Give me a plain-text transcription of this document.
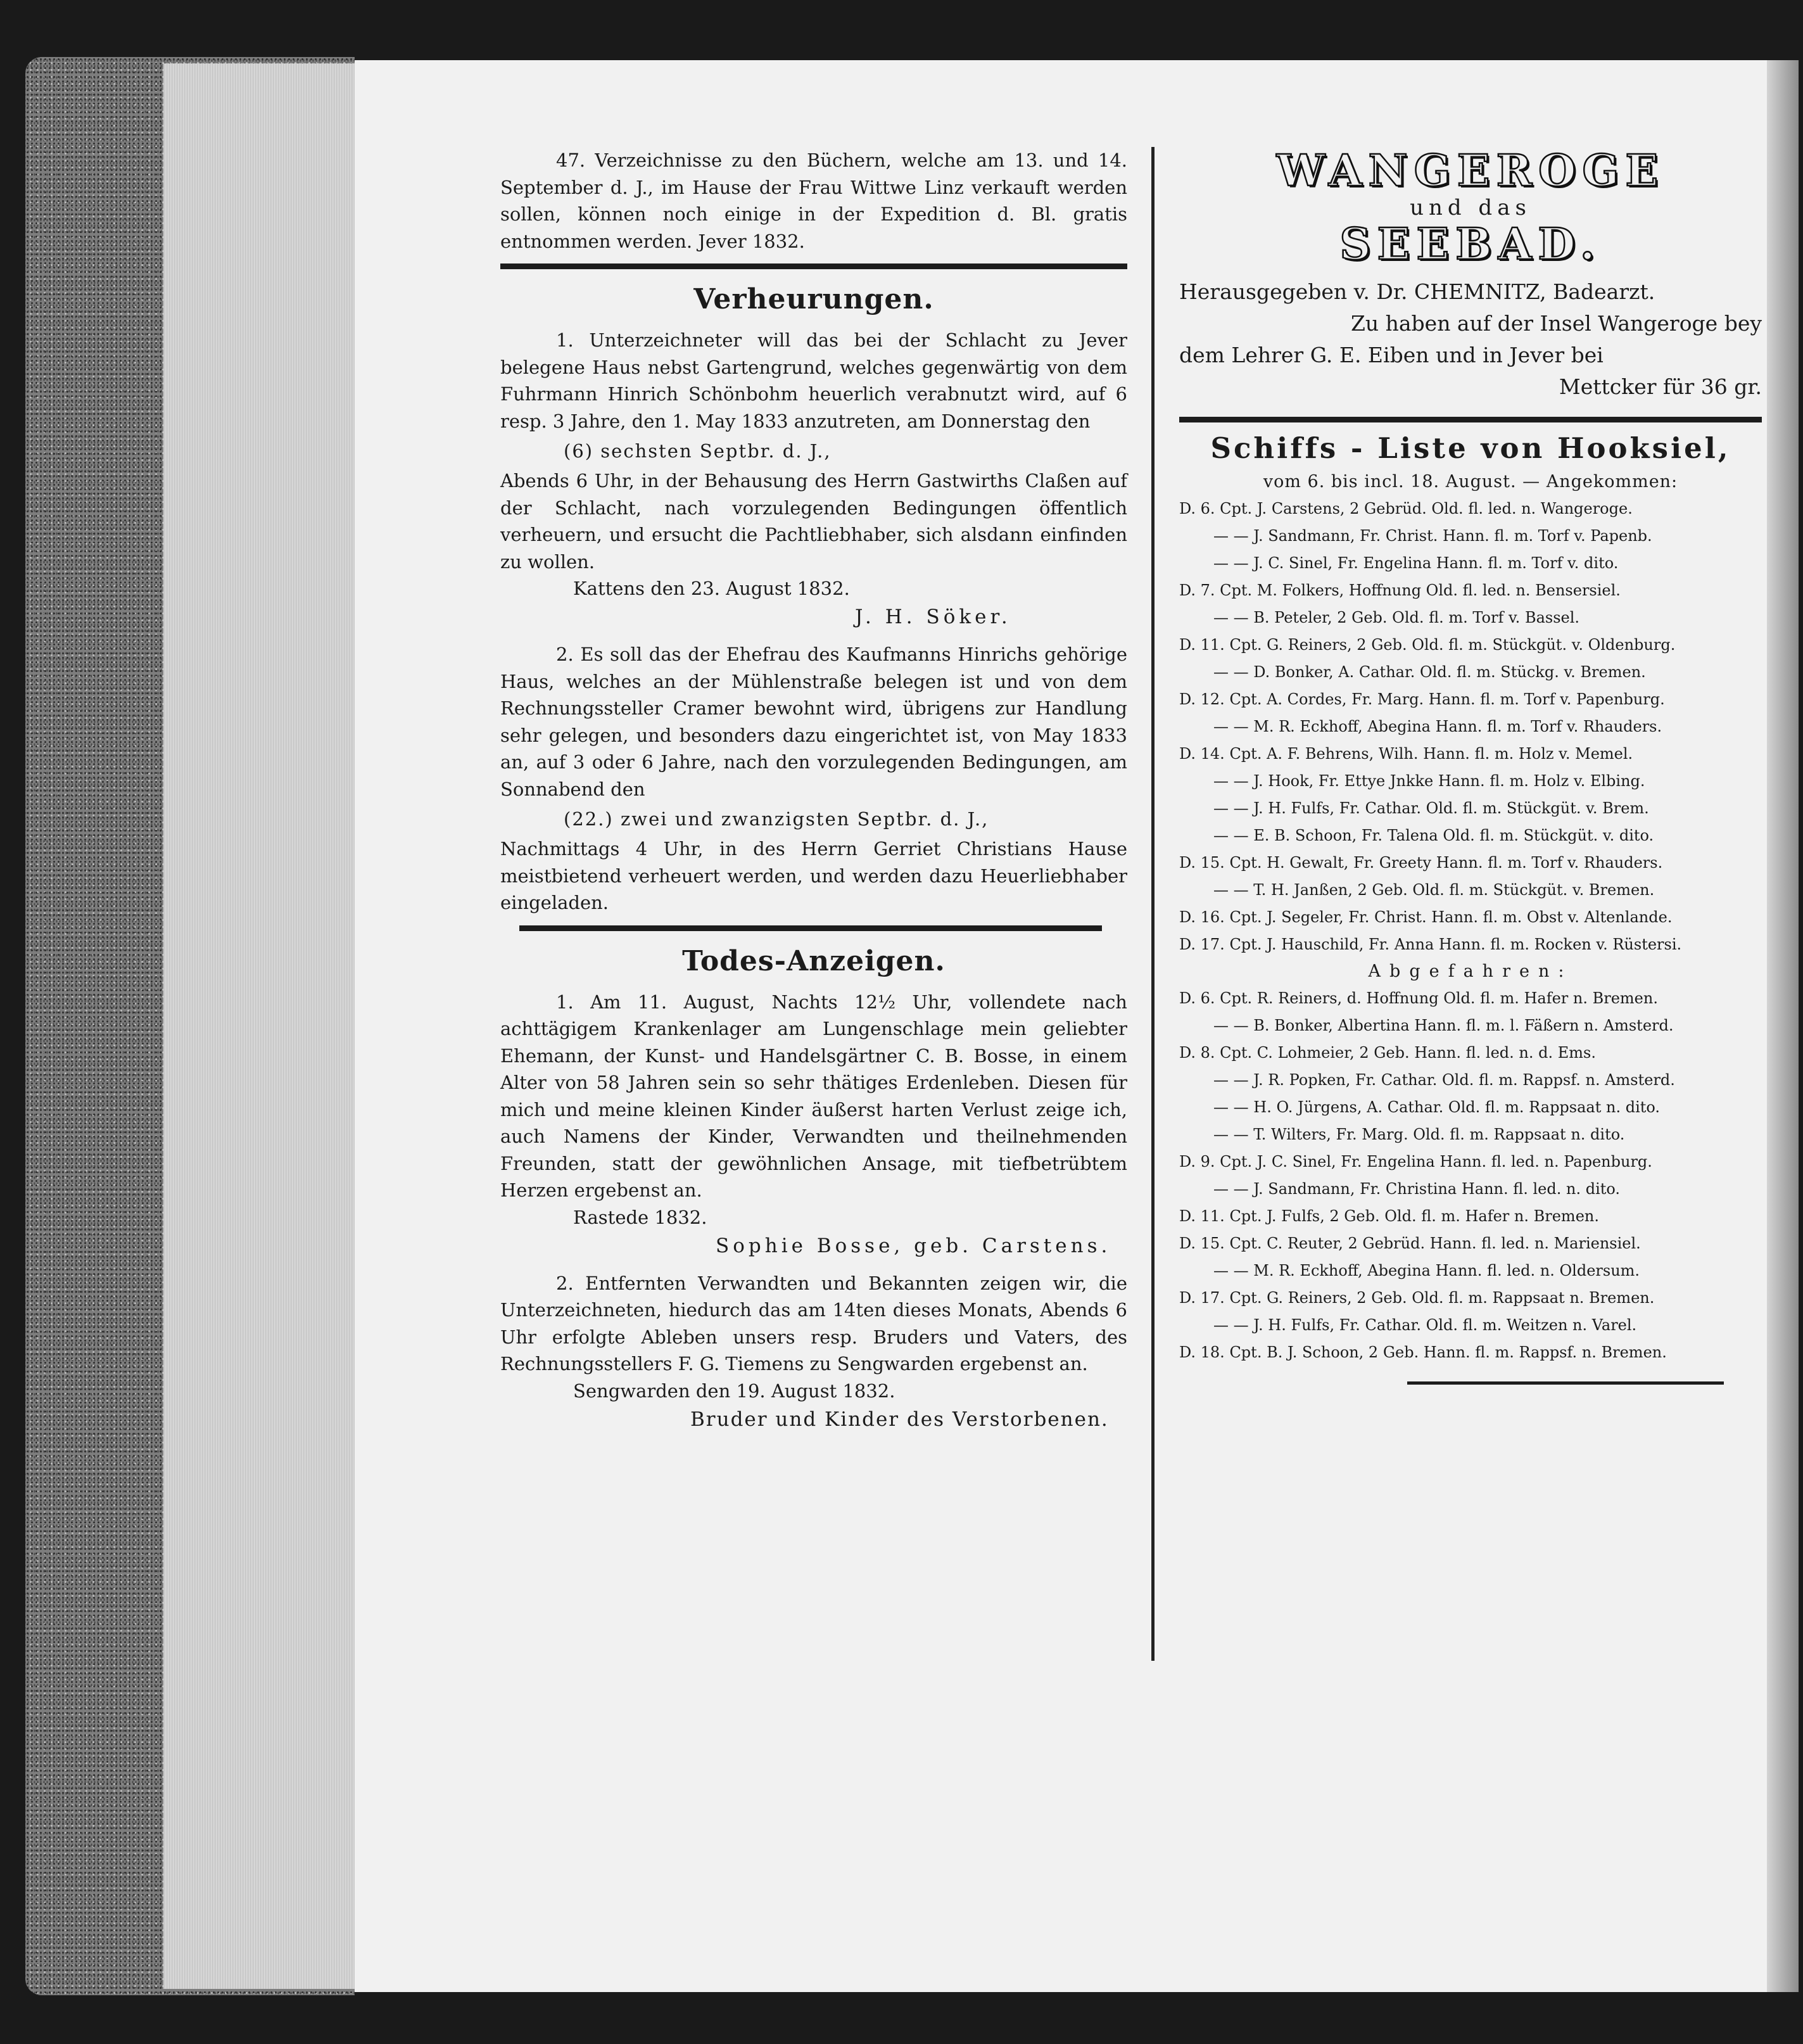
47. Verzeichnisse zu den Büchern, welche am 13. und 14. September d. J., im Hause der Frau Wittwe Linz verkauft werden sollen, können noch einige in der Expedition d. Bl. gratis entnommen werden. Jever 1832.

Verheurungen.

1. Unterzeichneter will das bei der Schlacht zu Jever belegene Haus nebst Gartengrund, welches gegenwärtig von dem Fuhrmann Hinrich Schönbohm heuerlich verabnutzt wird, auf 6 resp. 3 Jahre, den 1. May 1833 anzutreten, am Donnerstag den

(6) sechsten Septbr. d. J.,

Abends 6 Uhr, in der Behausung des Herrn Gastwirths Claßen auf der Schlacht, nach vorzulegenden Bedingungen öffentlich verheuern, und ersucht die Pachtliebhaber, sich alsdann einfinden zu wollen.

Kattens den 23. August 1832.

J. H. Söker.

2. Es soll das der Ehefrau des Kaufmanns Hinrichs gehörige Haus, welches an der Mühlenstraße belegen ist und von dem Rechnungssteller Cramer bewohnt wird, übrigens zur Handlung sehr gelegen, und besonders dazu eingerichtet ist, von May 1833 an, auf 3 oder 6 Jahre, nach den vorzulegenden Bedingungen, am Sonnabend den

(22.) zwei und zwanzigsten Septbr. d. J.,

Nachmittags 4 Uhr, in des Herrn Gerriet Christians Hause meistbietend verheuert werden, und werden dazu Heuerliebhaber eingeladen.

Todes-Anzeigen.

1. Am 11. August, Nachts 12½ Uhr, vollendete nach achttägigem Krankenlager am Lungenschlage mein geliebter Ehemann, der Kunst- und Handelsgärtner C. B. Bosse, in einem Alter von 58 Jahren sein so sehr thätiges Erdenleben. Diesen für mich und meine kleinen Kinder äußerst harten Verlust zeige ich, auch Namens der Kinder, Verwandten und theilnehmenden Freunden, statt der gewöhnlichen Ansage, mit tiefbetrübtem Herzen ergebenst an.

Rastede 1832.

Sophie Bosse, geb. Carstens.

2. Entfernten Verwandten und Bekannten zeigen wir, die Unterzeichneten, hiedurch das am 14ten dieses Monats, Abends 6 Uhr erfolgte Ableben unsers resp. Bruders und Vaters, des Rechnungsstellers F. G. Tiemens zu Sengwarden ergebenst an.

Sengwarden den 19. August 1832.

Bruder und Kinder des Verstorbenen.

WANGEROGE

und das

SEEBAD.

Herausgegeben v. Dr. CHEMNITZ, Badearzt.

Zu haben auf der Insel Wangeroge bey

dem Lehrer G. E. Eiben und in Jever bei

Mettcker für 36 gr.

Schiffs - Liste von Hooksiel,

vom 6. bis incl. 18. August. — Angekommen:

D. 6. Cpt. J. Carstens, 2 Gebrüd. Old. fl. led. n. Wangeroge.

— — J. Sandmann, Fr. Christ. Hann. fl. m. Torf v. Papenb.

— — J. C. Sinel, Fr. Engelina Hann. fl. m. Torf v. dito.

D. 7. Cpt. M. Folkers, Hoffnung Old. fl. led. n. Bensersiel.

— — B. Peteler, 2 Geb. Old. fl. m. Torf v. Bassel.

D. 11. Cpt. G. Reiners, 2 Geb. Old. fl. m. Stückgüt. v. Oldenburg.

— — D. Bonker, A. Cathar. Old. fl. m. Stückg. v. Bremen.

D. 12. Cpt. A. Cordes, Fr. Marg. Hann. fl. m. Torf v. Papenburg.

— — M. R. Eckhoff, Abegina Hann. fl. m. Torf v. Rhauders.

D. 14. Cpt. A. F. Behrens, Wilh. Hann. fl. m. Holz v. Memel.

— — J. Hook, Fr. Ettye Jnkke Hann. fl. m. Holz v. Elbing.

— — J. H. Fulfs, Fr. Cathar. Old. fl. m. Stückgüt. v. Brem.

— — E. B. Schoon, Fr. Talena Old. fl. m. Stückgüt. v. dito.

D. 15. Cpt. H. Gewalt, Fr. Greety Hann. fl. m. Torf v. Rhauders.

— — T. H. Janßen, 2 Geb. Old. fl. m. Stückgüt. v. Bremen.

D. 16. Cpt. J. Segeler, Fr. Christ. Hann. fl. m. Obst v. Altenlande.

D. 17. Cpt. J. Hauschild, Fr. Anna Hann. fl. m. Rocken v. Rüstersi.

Abgefahren:

D. 6. Cpt. R. Reiners, d. Hoffnung Old. fl. m. Hafer n. Bremen.

— — B. Bonker, Albertina Hann. fl. m. l. Fäßern n. Amsterd.

D. 8. Cpt. C. Lohmeier, 2 Geb. Hann. fl. led. n. d. Ems.

— — J. R. Popken, Fr. Cathar. Old. fl. m. Rappsf. n. Amsterd.

— — H. O. Jürgens, A. Cathar. Old. fl. m. Rappsaat n. dito.

— — T. Wilters, Fr. Marg. Old. fl. m. Rappsaat n. dito.

D. 9. Cpt. J. C. Sinel, Fr. Engelina Hann. fl. led. n. Papenburg.

— — J. Sandmann, Fr. Christina Hann. fl. led. n. dito.

D. 11. Cpt. J. Fulfs, 2 Geb. Old. fl. m. Hafer n. Bremen.

D. 15. Cpt. C. Reuter, 2 Gebrüd. Hann. fl. led. n. Mariensiel.

— — M. R. Eckhoff, Abegina Hann. fl. led. n. Oldersum.

D. 17. Cpt. G. Reiners, 2 Geb. Old. fl. m. Rappsaat n. Bremen.

— — J. H. Fulfs, Fr. Cathar. Old. fl. m. Weitzen n. Varel.

D. 18. Cpt. B. J. Schoon, 2 Geb. Hann. fl. m. Rappsf. n. Bremen.
